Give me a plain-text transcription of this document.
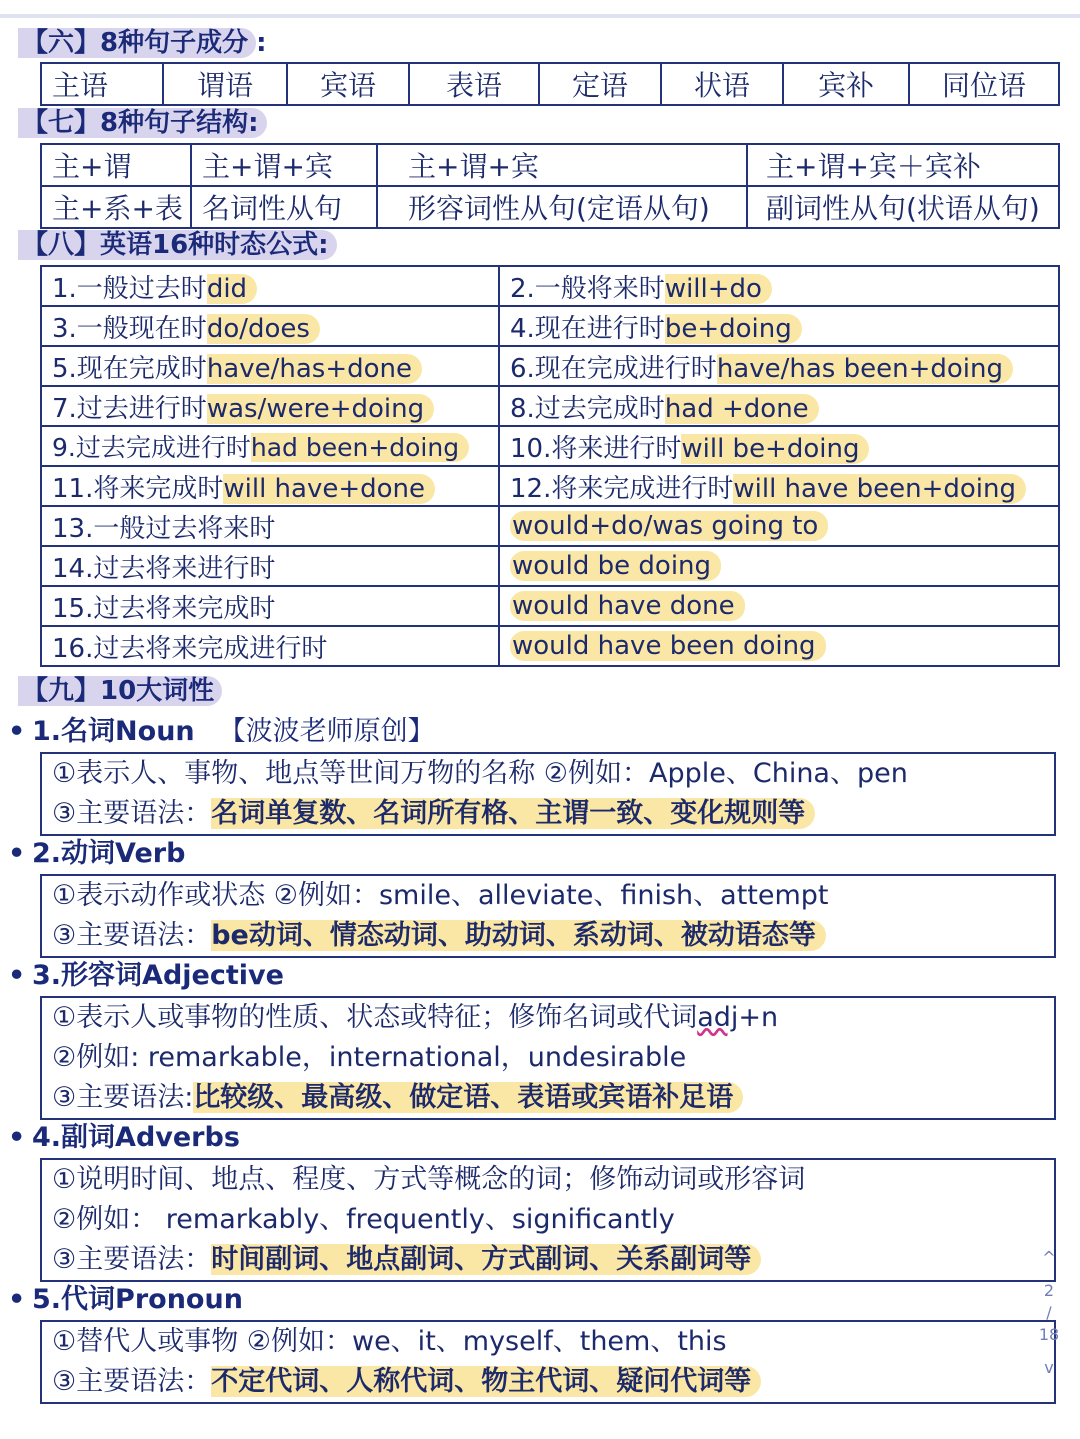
【六】8种句子成分 :
主语	谓语	宾语	表语	定语	状语	宾补	同位语
【七】8种句子结构:
主+谓	主+谓+宾	主+谓+宾	主+谓+宾＋宾补
主+系+表	名词性从句	形容词性从句(定语从句)	副词性从句(状语从句)
【八】英语16种时态公式:
1.一般过去时did	2.一般将来时will+do
3.一般现在时do/does	4.现在进行时be+doing
5.现在完成时have/has+done	6.现在完成进行时have/has been+doing
7.过去进行时was/were+doing	8.过去完成时had +done
9.过去完成进行时had been+doing	10.将来进行时will be+doing
11.将来完成时will have+done	12.将来完成进行时will have been+doing
13.一般过去将来时	would+do/was going to
14.过去将来进行时	would be doing
15.过去将来完成时	would have done
16.过去将来完成进行时	would have been doing
【九】10大词性
• 1.名词Noun 【波波老师原创】
①表示人、事物、地点等世间万物的名称 ②例如：Apple、China、pen
③主要语法：名词单复数、名词所有格、主谓一致、变化规则等
• 2.动词Verb
①表示动作或状态 ②例如：smile、alleviate、finish、attempt
③主要语法：be动词、情态动词、助动词、系动词、被动语态等
• 3.形容词Adjective
①表示人或事物的性质、状态或特征；修饰名词或代词adj+n
②例如: remarkable，international，undesirable
③主要语法:比较级、最高级、做定语、表语或宾语补足语
• 4.副词Adverbs
①说明时间、地点、程度、方式等概念的词；修饰动词或形容词
②例如： remarkably、frequently、significantly
③主要语法：时间副词、地点副词、方式副词、关系副词等
• 5.代词Pronoun
①替代人或事物 ②例如：we、it、myself、them、this
③主要语法：不定代词、人称代词、物主代词、疑问代词等
^
2
/
18
v
